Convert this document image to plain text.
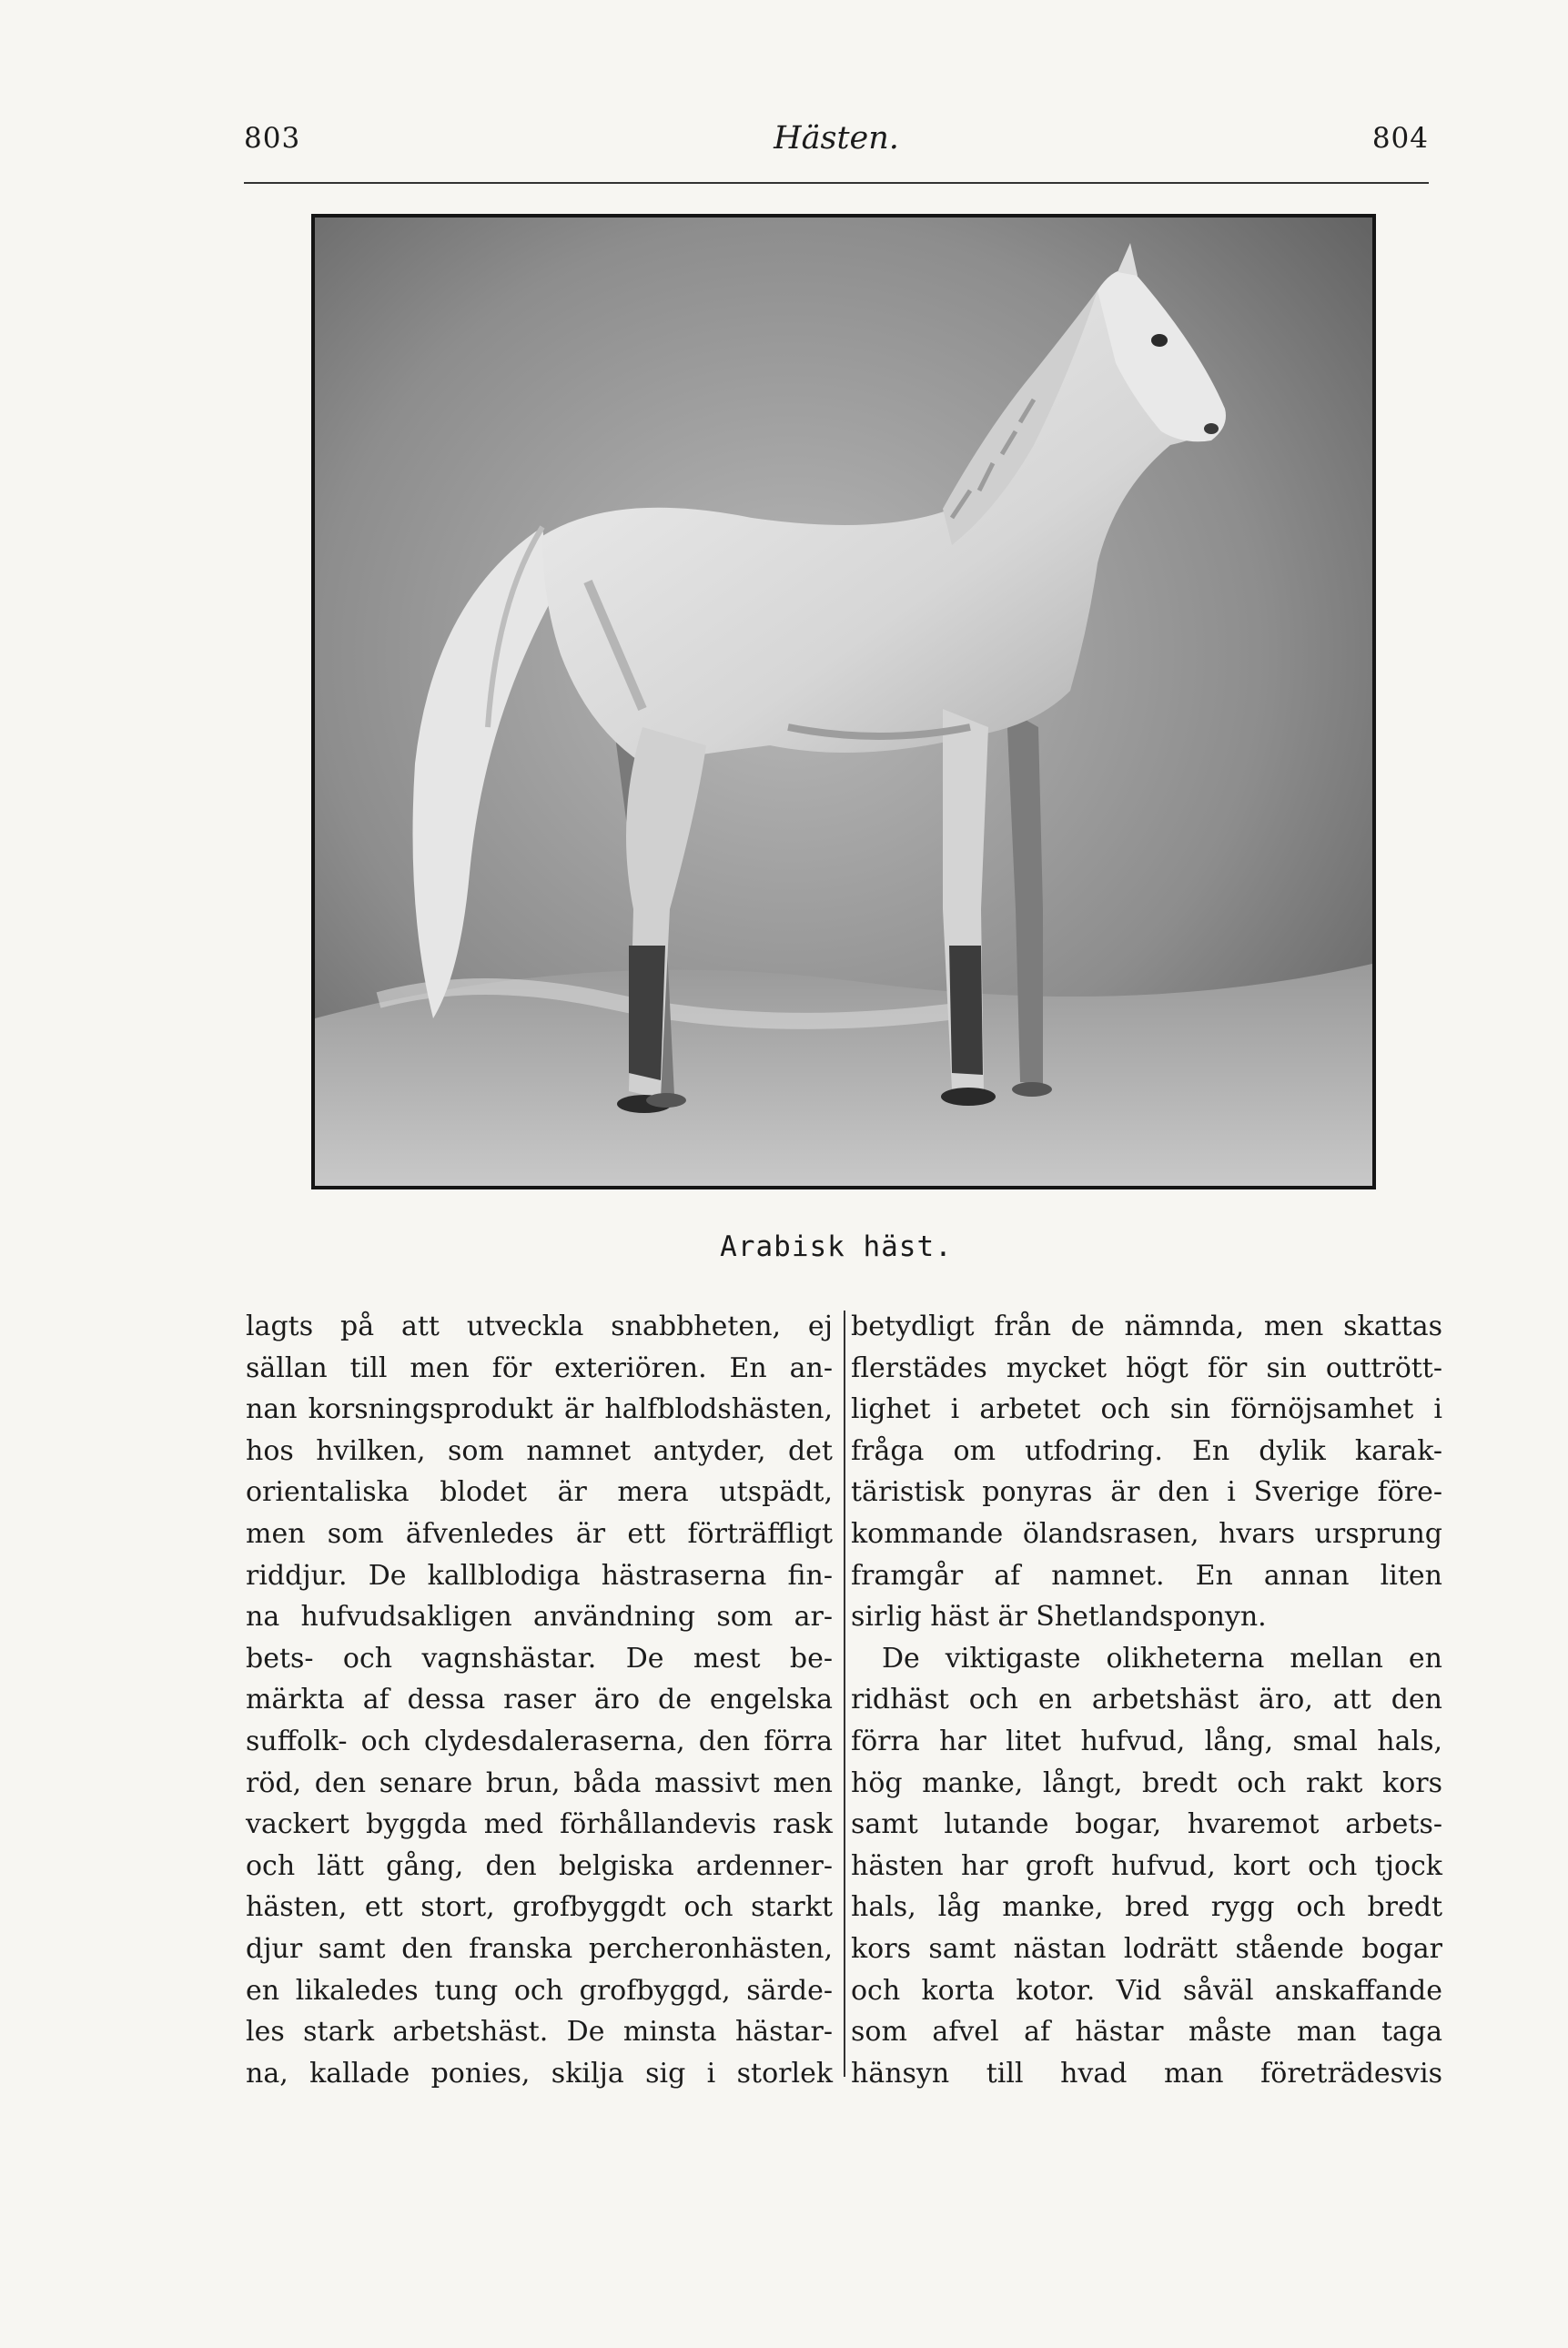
803	Hästen.	804
Arabisk häst.
lagts på att utveckla snabbheten, ej
sällan till men för exteriören. En an-
nan korsningsprodukt är halfblodshästen,
hos hvilken, som namnet antyder, det
orientaliska blodet är mera utspädt,
men som äfvenledes är ett förträffligt
riddjur. De kallblodiga hästraserna fin-
na hufvudsakligen användning som ar-
bets- och vagnshästar. De mest be-
märkta af dessa raser äro de engelska
suffolk- och clydesdaleraserna, den förra
röd, den senare brun, båda massivt men
vackert byggda med förhållandevis rask
och lätt gång, den belgiska ardenner-
hästen, ett stort, grofbyggdt och starkt
djur samt den franska percheronhästen,
en likaledes tung och grofbyggd, särde-
les stark arbetshäst. De minsta hästar-
na, kallade ponies, skilja sig i storlek
betydligt från de nämnda, men skattas
flerstädes mycket högt för sin outtrött-
lighet i arbetet och sin förnöjsamhet i
fråga om utfodring. En dylik karak-
täristisk ponyras är den i Sverige före-
kommande ölandsrasen, hvars ursprung
framgår af namnet. En annan liten
sirlig häst är Shetlandsponyn.
De viktigaste olikheterna mellan en
ridhäst och en arbetshäst äro, att den
förra har litet hufvud, lång, smal hals,
hög manke, långt, bredt och rakt kors
samt lutande bogar, hvaremot arbets-
hästen har groft hufvud, kort och tjock
hals, låg manke, bred rygg och bredt
kors samt nästan lodrätt stående bogar
och korta kotor. Vid såväl anskaffande
som afvel af hästar måste man taga
hänsyn till hvad man företrädesvis
